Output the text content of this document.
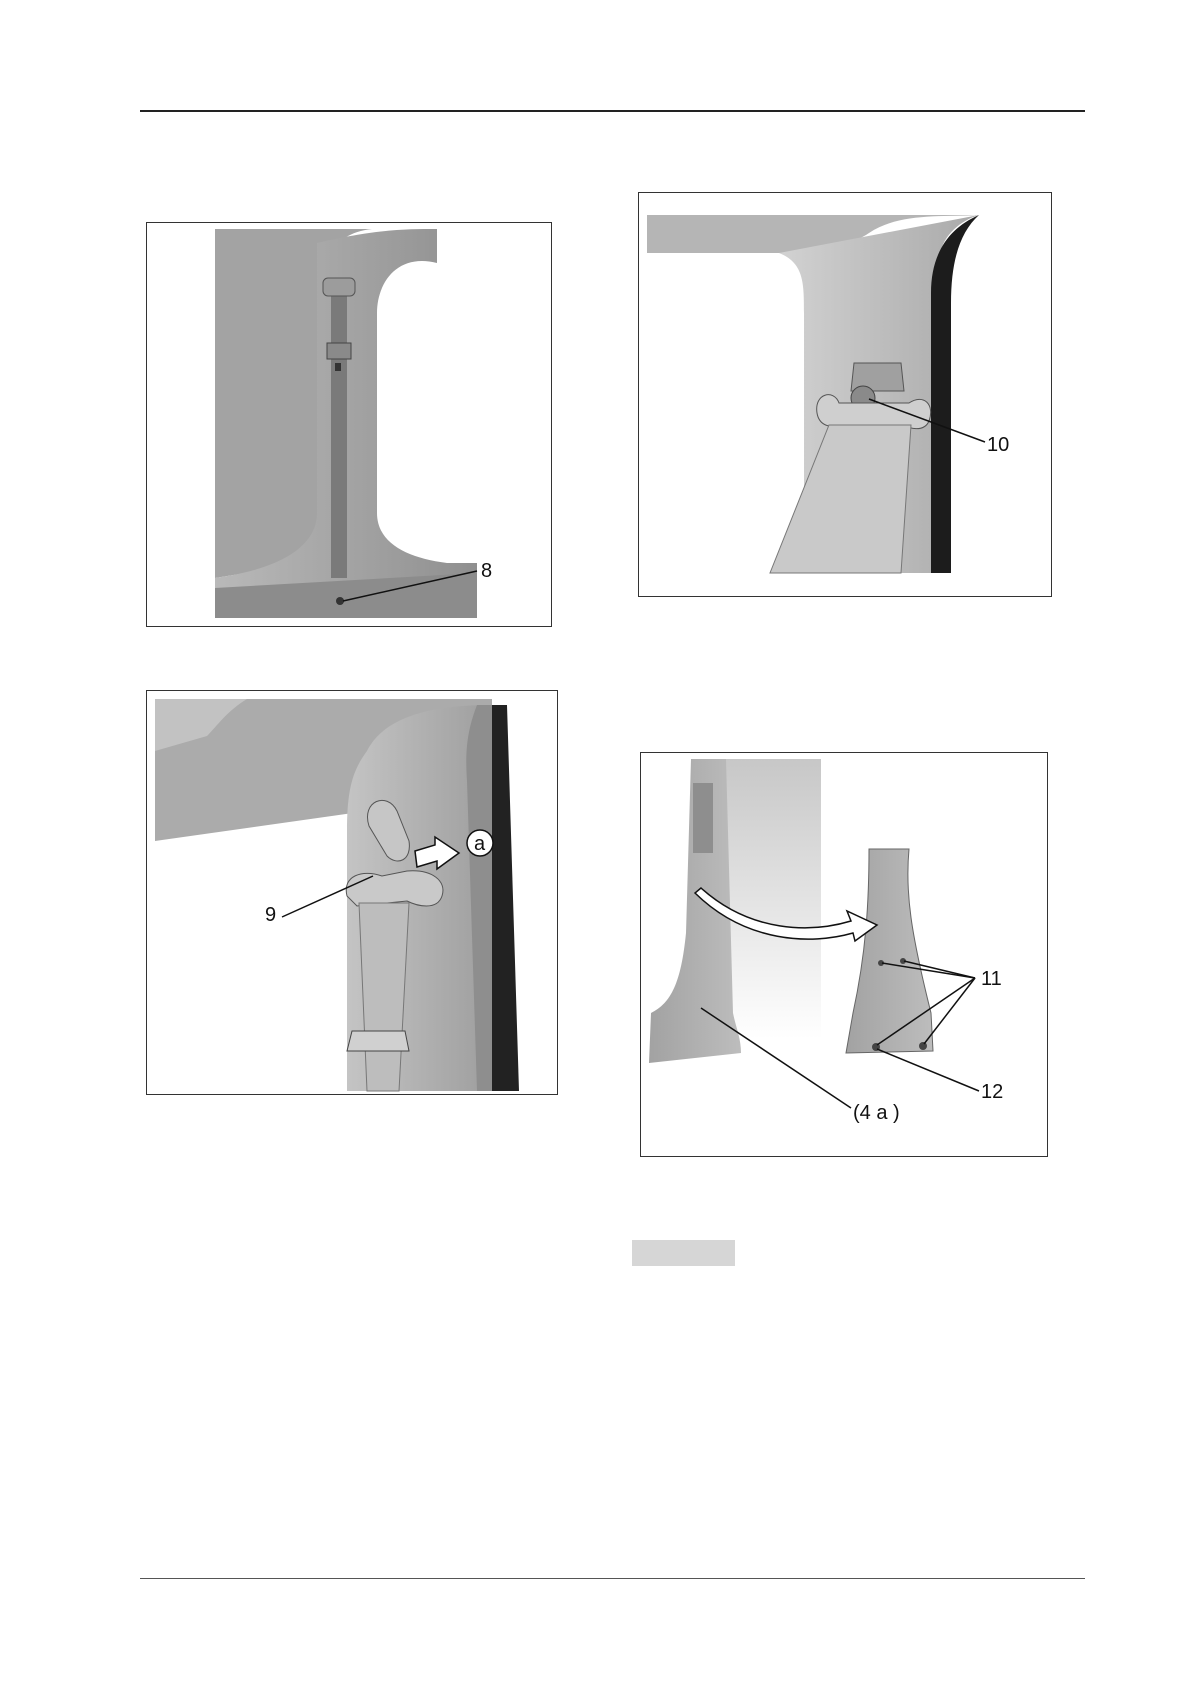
8
10
a
9
11
12
(4 a )
